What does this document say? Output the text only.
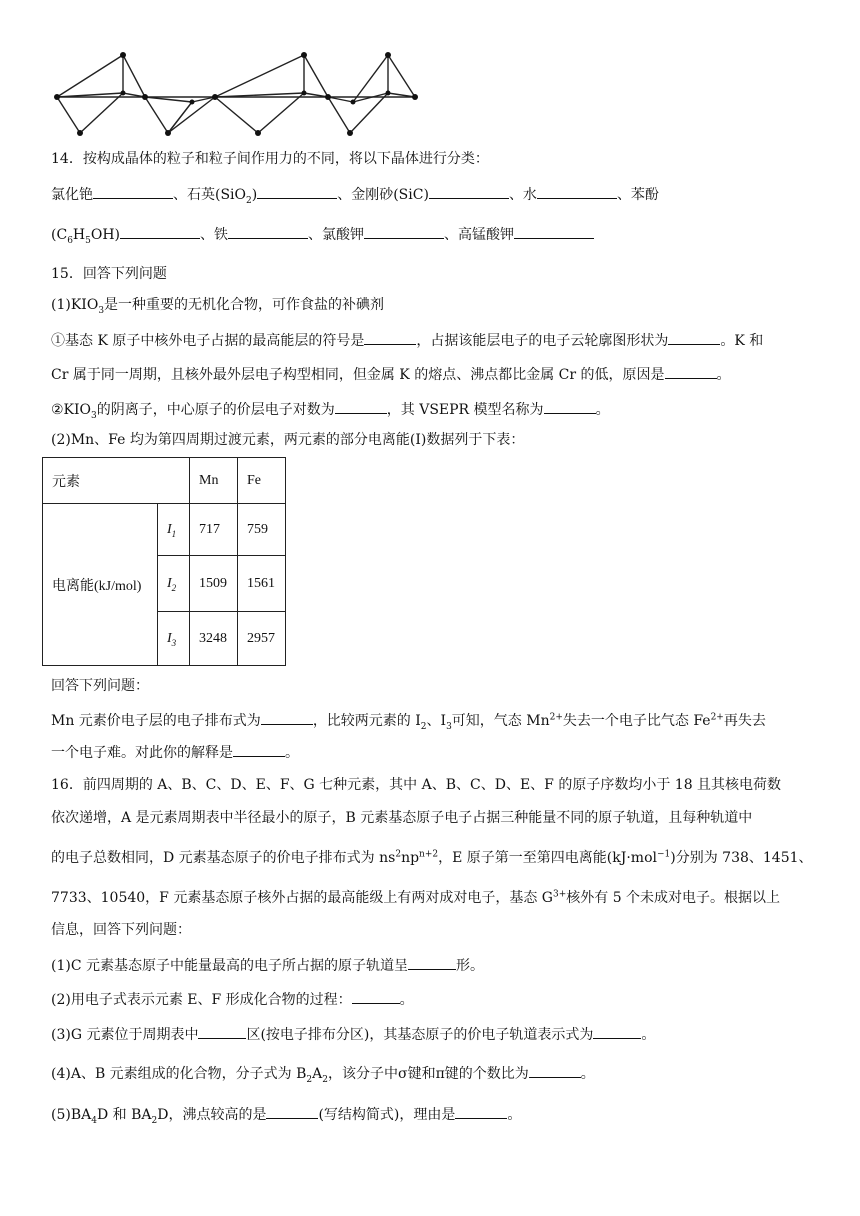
14．按构成晶体的粒子和粒子间作用力的不同，将以下晶体进行分类：
氯化铯	、石英(SiO$_2$)	、金刚砂(SiC)	、水	、苯酚
$(C_6H_5OH)$	、铁	、氯酸钾	、高锰酸钾
15．回答下列问题
$(1)KIO_3$是一种重要的无机化合物，可作食盐的补碘剂
①基态 K 原子中核外电子占据的最高能层的符号是	，占据该能层电子的电子云轮廓图形状为	。K 和
Cr 属于同一周期，且核外最外层电子构型相同，但金属 K 的熔点、沸点都比金属 Cr 的低，原因是	。
$②KIO_3$的阴离子，中心原子的价层电子对数为	，其 VSEPR 模型名称为	。
(2)Mn、Fe 均为第四周期过渡元素，两元素的部分电离能(I)数据列于下表：
元素		Mn	Fe
电离能(kJ/mol)	$I_1$	717	759
	$I_2$	1509	1561
	$I_3$	3248	2957
回答下列问题：
Mn 元素价电子层的电子排布式为	，比较两元素的 $I_2$、$I_3$可知，气态 $Mn^{2+}$失去一个电子比气态 $Fe^{2+}$再失去
一个电子难。对此你的解释是	。
16．前四周期的 A、B、C、D、E、F、G 七种元素，其中 A、B、C、D、E、F 的原子序数均小于 18 且其核电荷数
依次递增，A 是元素周期表中半径最小的原子，B 元素基态原子电子占据三种能量不同的原子轨道，且每种轨道中
的电子总数相同，D 元素基态原子的价电子排布式为 $ns^2np^{n+2}$，E 原子第一至第四电离能(kJ·mol$^{-1}$)分别为 738、1451、
7733、10540，F 元素基态原子核外占据的最高能级上有两对成对电子，基态 $G^{3+}$核外有 5 个未成对电子。根据以上
信息，回答下列问题：
(1)C 元素基态原子中能量最高的电子所占据的原子轨道呈	形。
(2)用电子式表示元素 E、F 形成化合物的过程：	。
(3)G 元素位于周期表中	区(按电子排布分区)，其基态原子的价电子轨道表示式为	。
(4)A、B 元素组成的化合物，分子式为 $B_2A_2$，该分子中σ键和π键的个数比为	。
$(5)BA_4D$ 和 $BA_2D$，沸点较高的是	(写结构简式)，理由是	。
